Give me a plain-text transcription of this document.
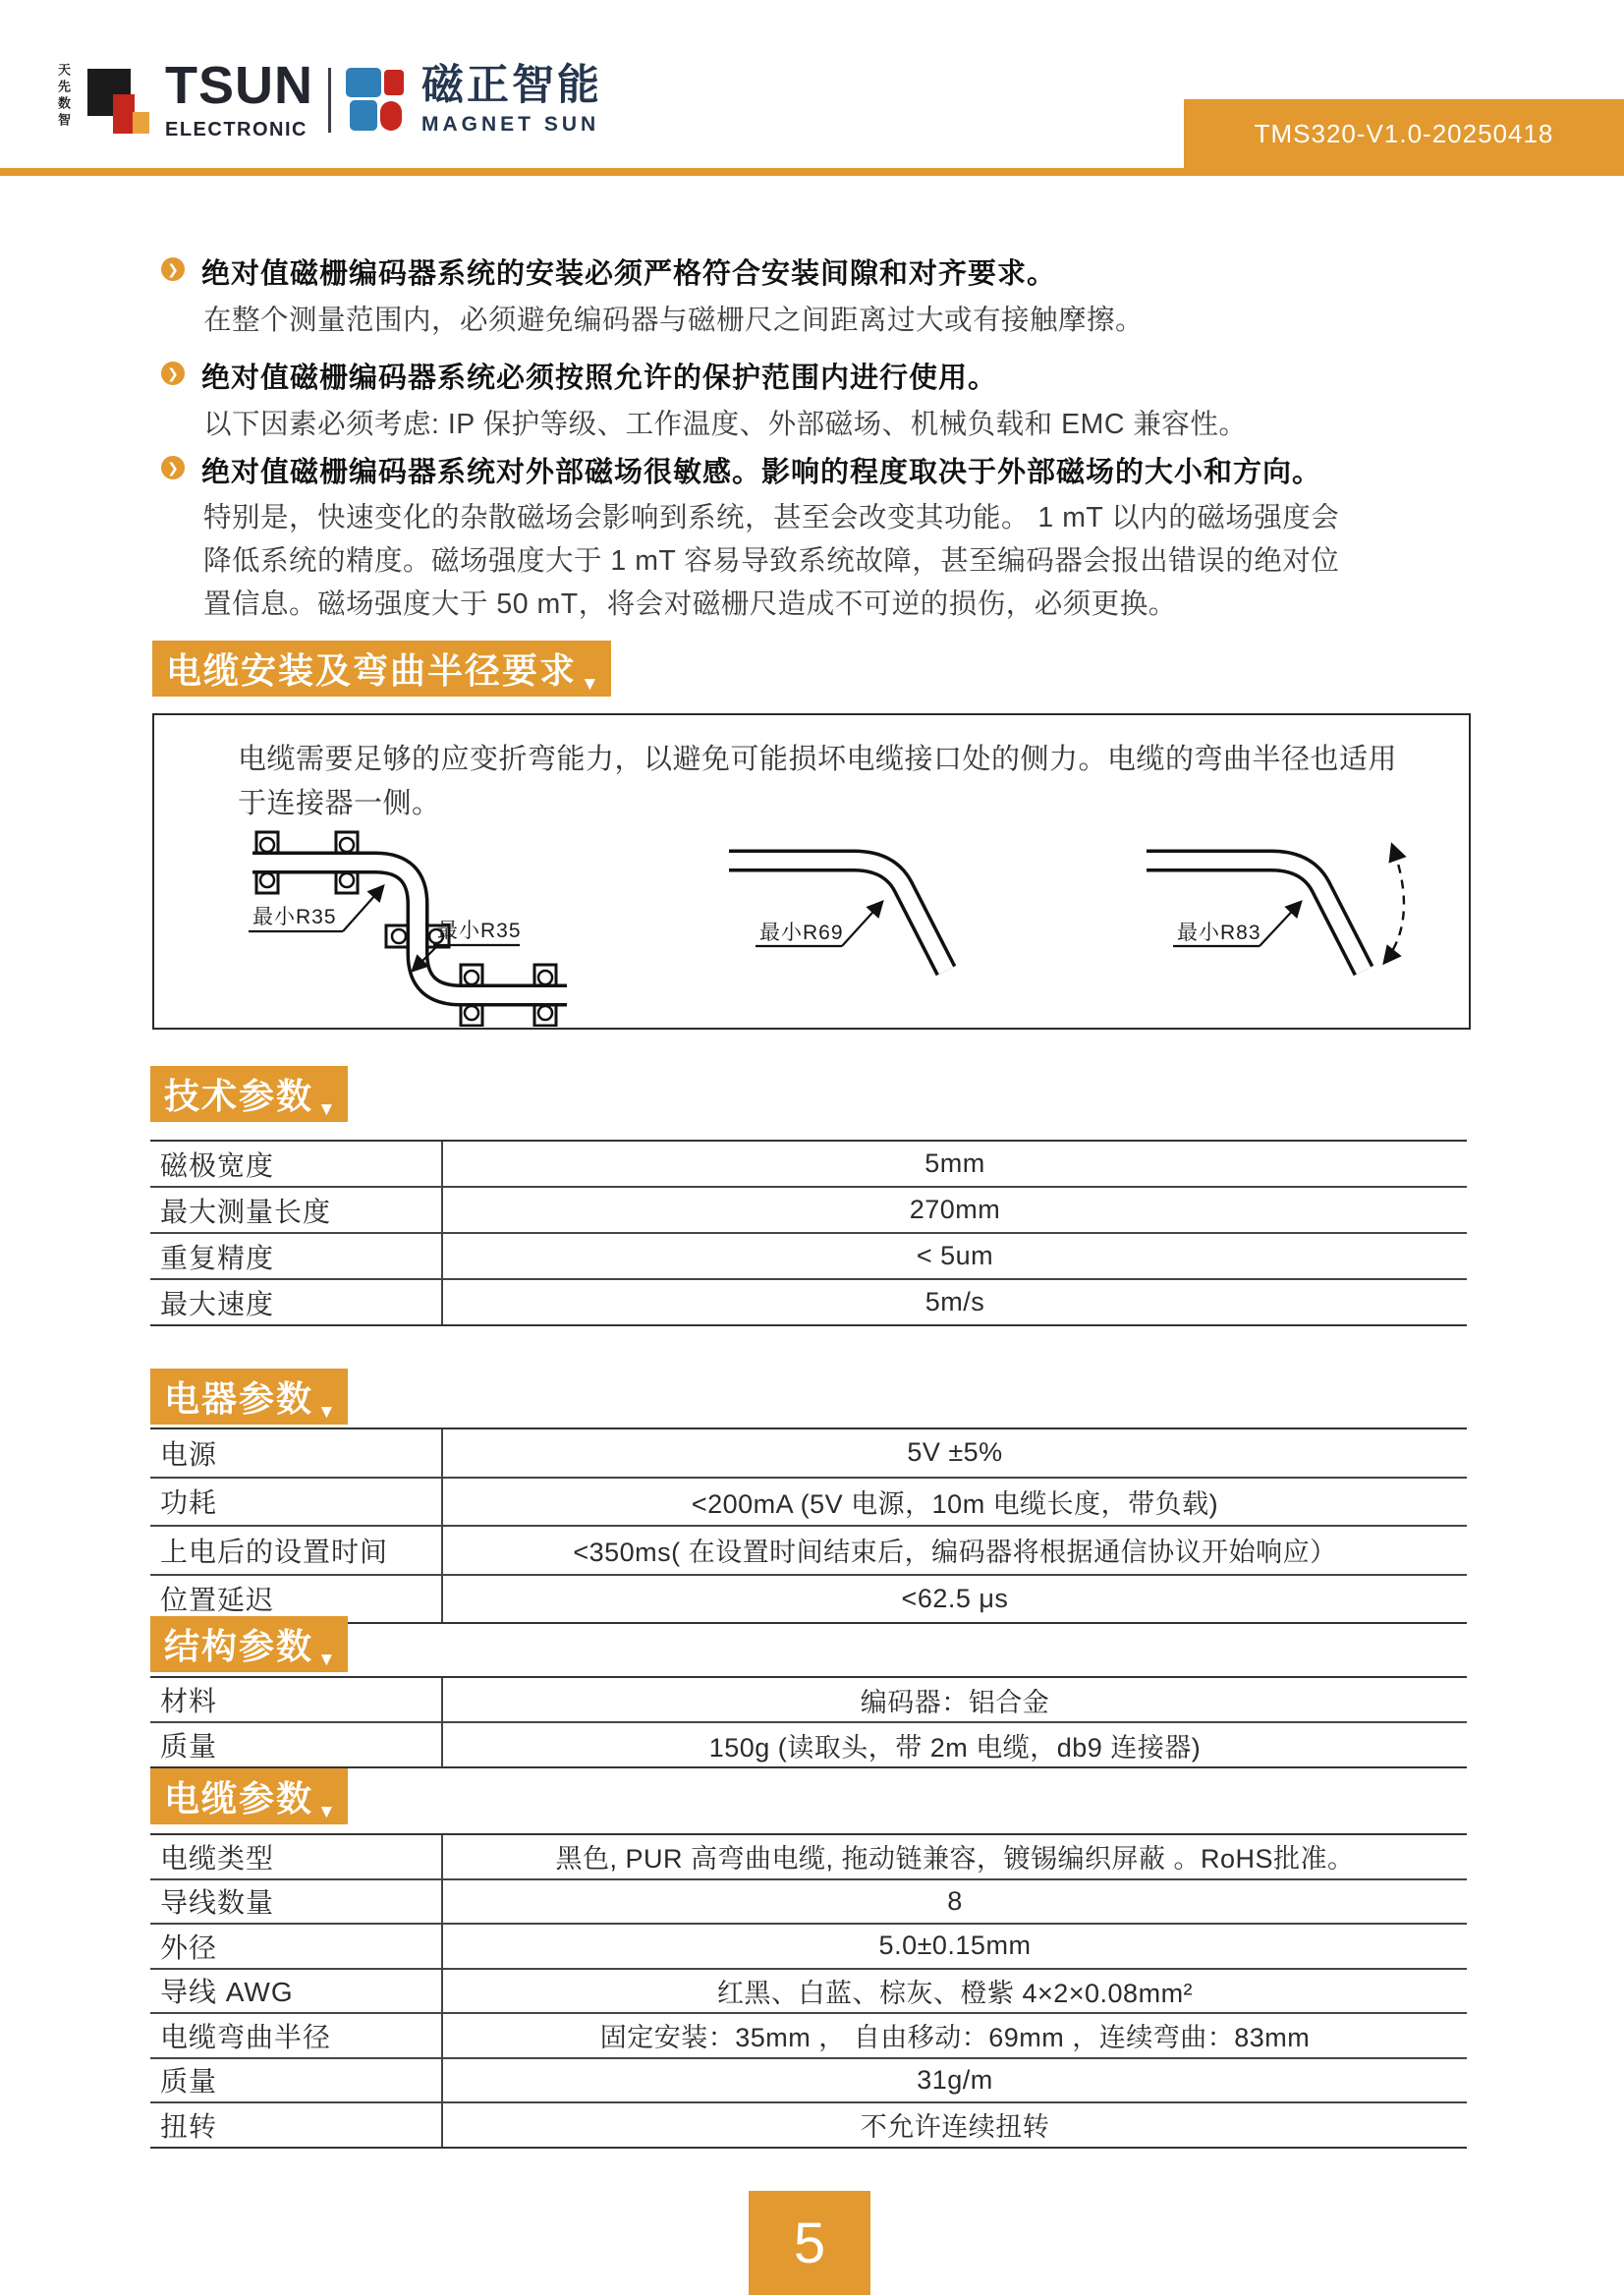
天先数智 TSUN
ELECTRONIC
磁正智能
MAGNET SUN	TMS320-V1.0-20250418
❯ 绝对值磁栅编码器系统的安装必须严格符合安装间隙和对齐要求。
在整个测量范围内，必须避免编码器与磁栅尺之间距离过大或有接触摩擦。
❯ 绝对值磁栅编码器系统必须按照允许的保护范围内进行使用。
以下因素必须考虑: IP 保护等级、工作温度、外部磁场、机械负载和 EMC 兼容性。
❯ 绝对值磁栅编码器系统对外部磁场很敏感。影响的程度取决于外部磁场的大小和方向。
特别是，快速变化的杂散磁场会影响到系统，甚至会改变其功能。 1 mT 以内的磁场强度会
降低系统的精度。磁场强度大于 1 mT 容易导致系统故障，甚至编码器会报出错误的绝对位
置信息。磁场强度大于 50 mT，将会对磁栅尺造成不可逆的损伤，必须更换。
电缆安装及弯曲半径要求 ▼
电缆需要足够的应变折弯能力，以避免可能损坏电缆接口处的侧力。电缆的弯曲半径也适用
于连接器一侧。
最小R35
最小R35	最小R69	最小R83
技术参数 ▼
磁极宽度	5mm
最大测量长度	270mm
重复精度	< 5um
最大速度	5m/s
电器参数 ▼
电源	5V ±5%
功耗	<200mA (5V 电源，10m 电缆长度，带负载)
上电后的设置时间	<350ms( 在设置时间结束后，编码器将根据通信协议开始响应）
位置延迟	<62.5 μs
结构参数 ▼
材料	编码器：铝合金
质量	150g (读取头，带 2m 电缆，db9 连接器)
电缆参数 ▼
电缆类型	黑色, PUR 高弯曲电缆, 拖动链兼容，镀锡编织屏蔽 。RoHS批准。
导线数量	8
外径	5.0±0.15mm
导线 AWG	红黑、白蓝、棕灰、橙紫 4×2×0.08mm²
电缆弯曲半径	固定安装：35mm ， 自由移动：69mm ，连续弯曲：83mm
质量	31g/m
扭转	不允许连续扭转
5
